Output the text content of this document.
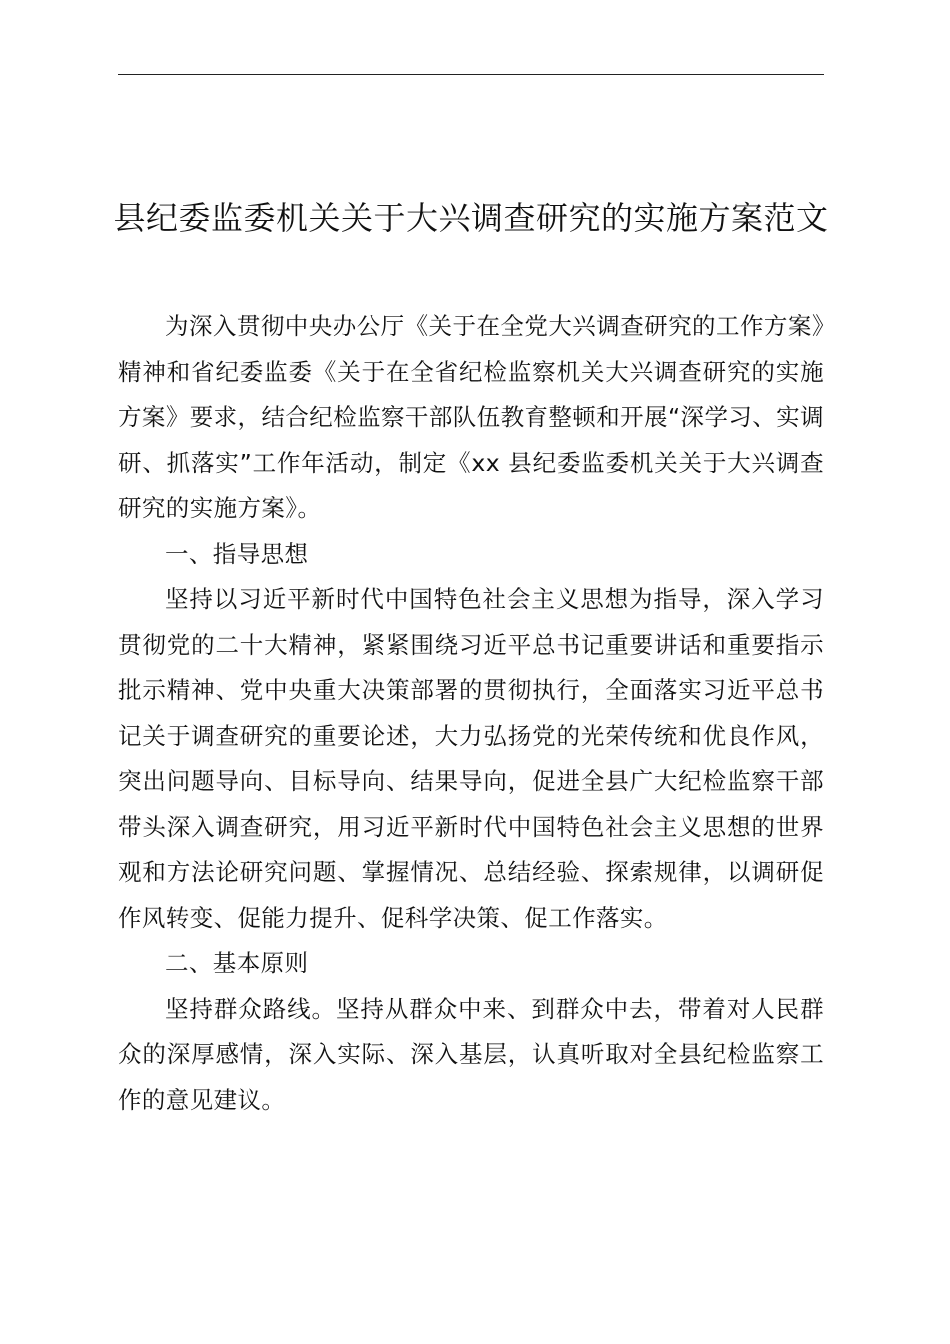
县纪委监委机关关于大兴调查研究的实施方案范文

为深入贯彻中央办公厅《关于在全党大兴调查研究的工作方案》精神和省纪委监委《关于在全省纪检监察机关大兴调查研究的实施方案》要求，结合纪检监察干部队伍教育整顿和开展“深学习、实调研、抓落实”工作年活动，制定《xx 县纪委监委机关关于大兴调查研究的实施方案》。

一、指导思想

坚持以习近平新时代中国特色社会主义思想为指导，深入学习贯彻党的二十大精神，紧紧围绕习近平总书记重要讲话和重要指示批示精神、党中央重大决策部署的贯彻执行，全面落实习近平总书记关于调查研究的重要论述，大力弘扬党的光荣传统和优良作风，突出问题导向、目标导向、结果导向，促进全县广大纪检监察干部带头深入调查研究，用习近平新时代中国特色社会主义思想的世界观和方法论研究问题、掌握情况、总结经验、探索规律，以调研促作风转变、促能力提升、促科学决策、促工作落实。

二、基本原则

坚持群众路线。坚持从群众中来、到群众中去，带着对人民群众的深厚感情，深入实际、深入基层，认真听取对全县纪检监察工作的意见建议。
